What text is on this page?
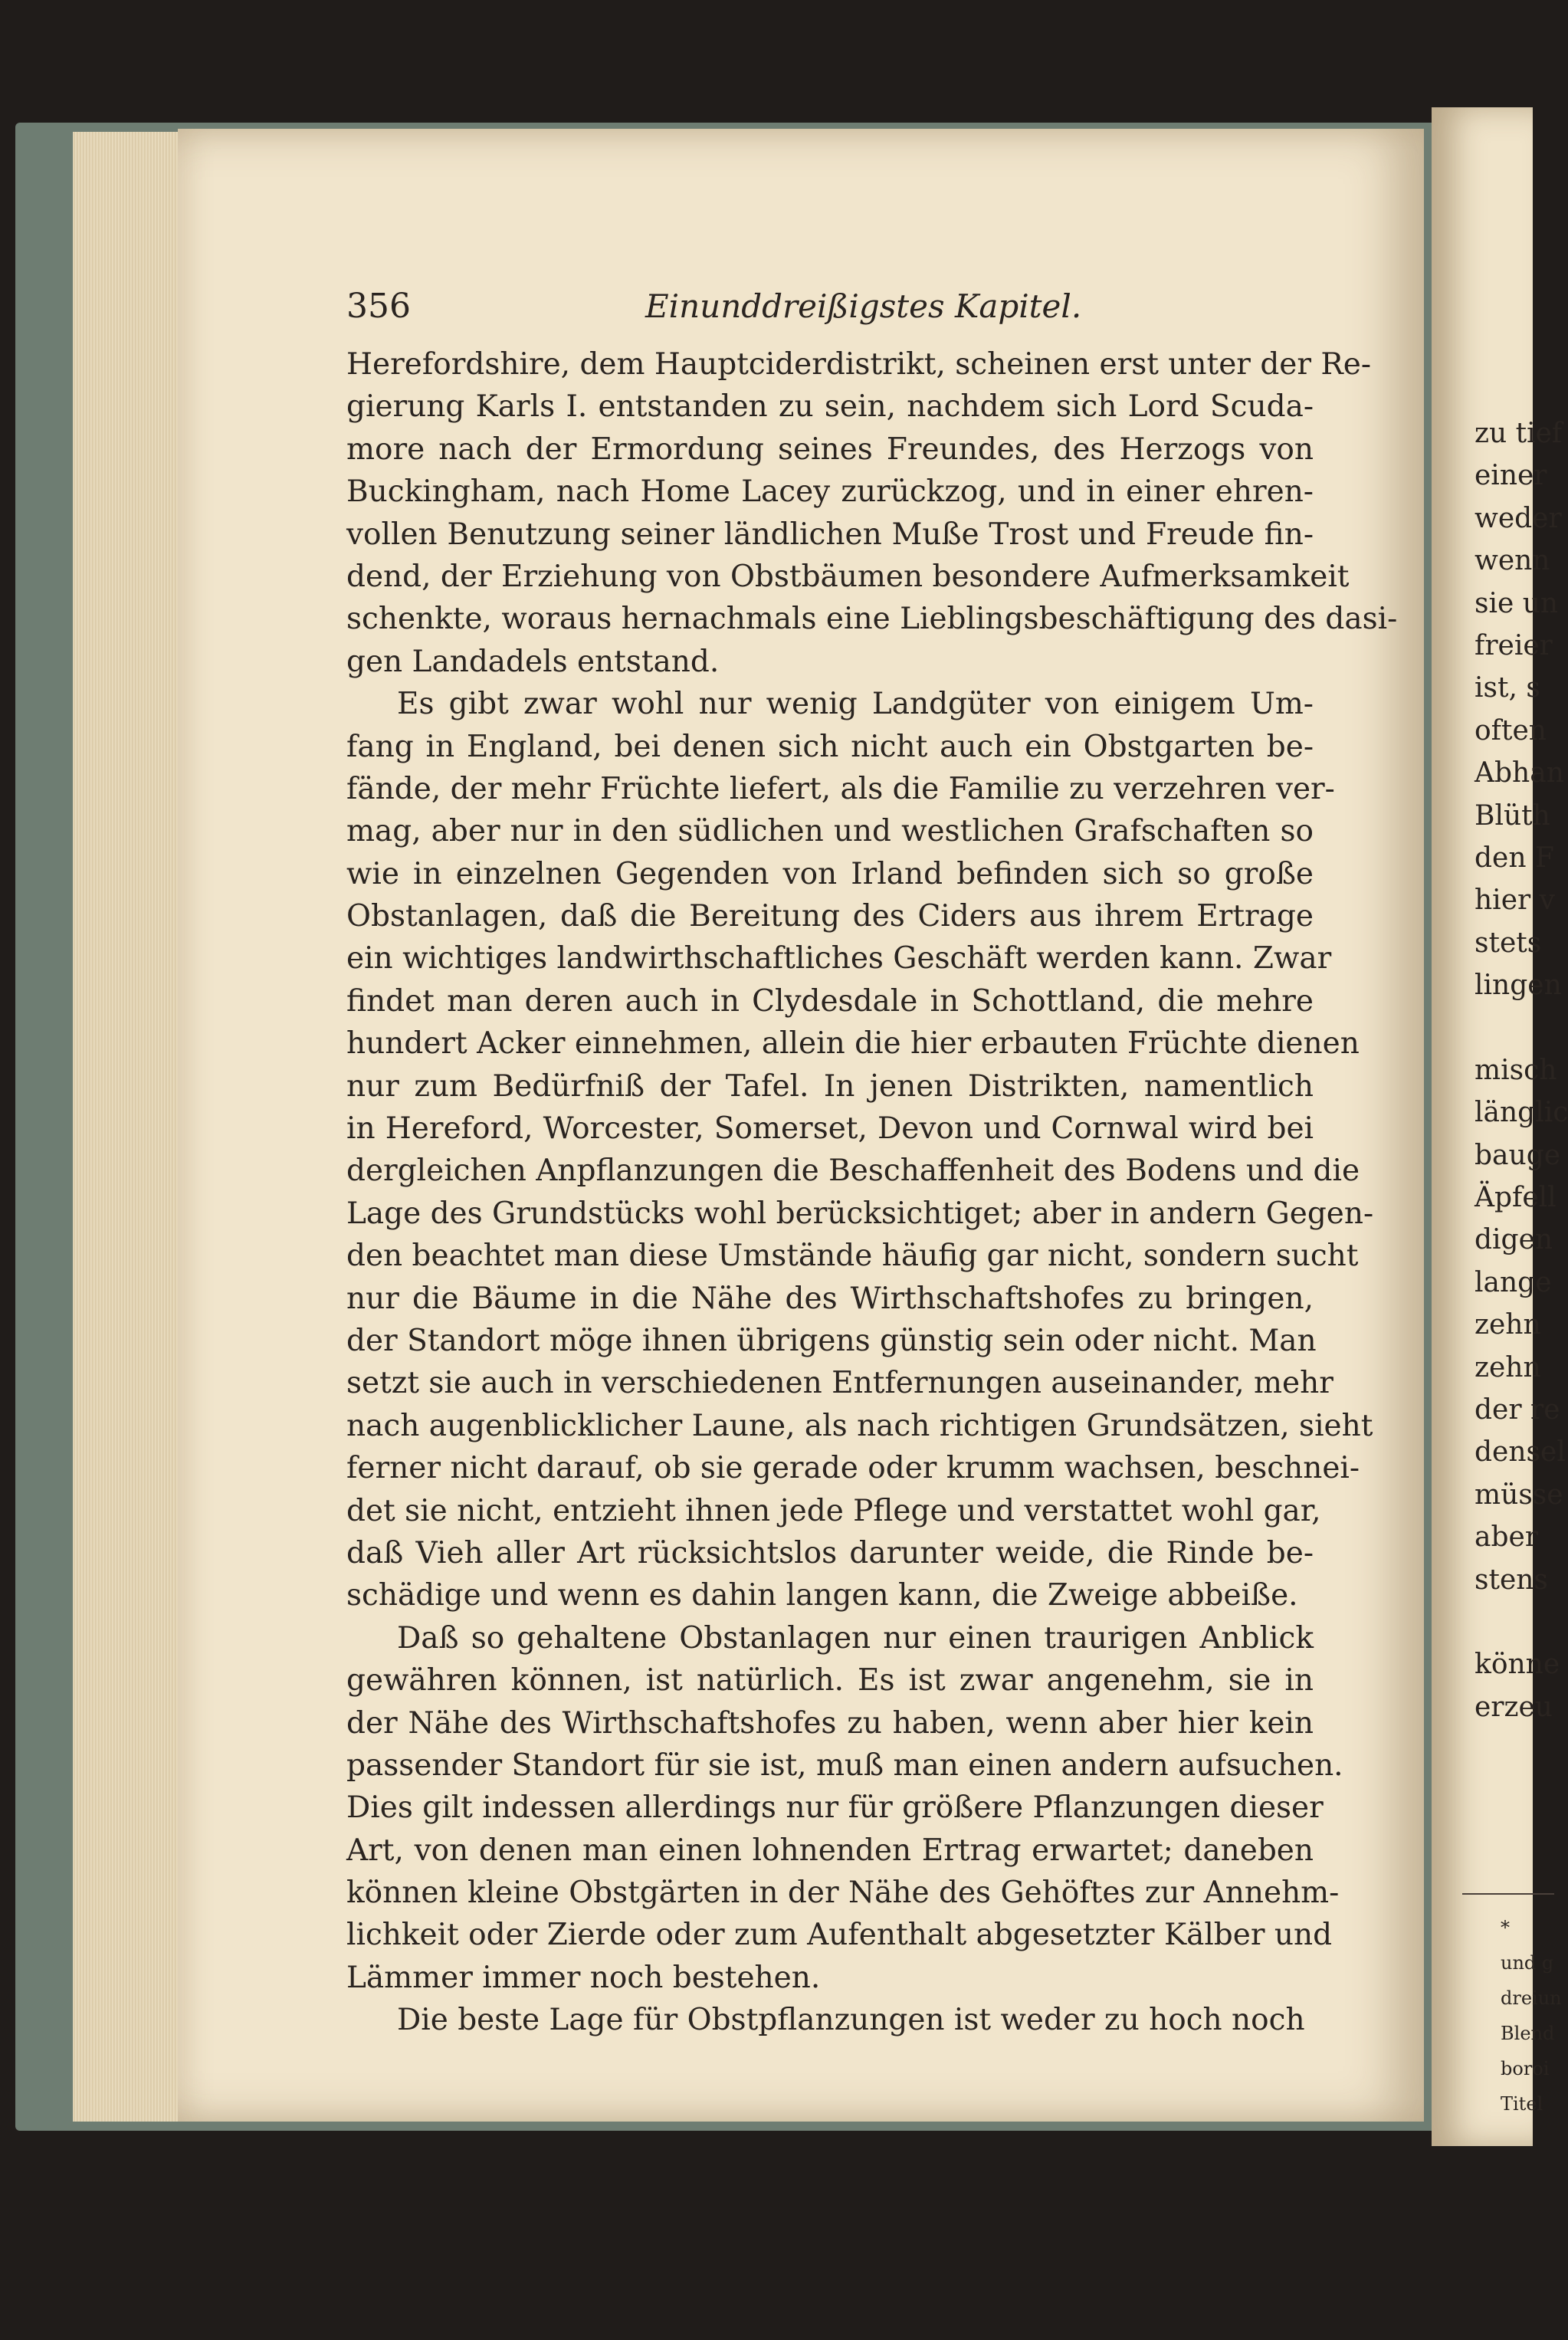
356	Einunddreißigstes Kapitel.
Herefordshire, dem Hauptciderdistrikt, scheinen erst unter der Re-
gierung Karls I. entstanden zu sein, nachdem sich Lord Scuda-
more nach der Ermordung seines Freundes, des Herzogs von
Buckingham, nach Home Lacey zurückzog, und in einer ehren-
vollen Benutzung seiner ländlichen Muße Trost und Freude fin-
dend, der Erziehung von Obstbäumen besondere Aufmerksamkeit
schenkte, woraus hernachmals eine Lieblingsbeschäftigung des dasi-
gen Landadels entstand.
Es gibt zwar wohl nur wenig Landgüter von einigem Um-
fang in England, bei denen sich nicht auch ein Obstgarten be-
fände, der mehr Früchte liefert, als die Familie zu verzehren ver-
mag, aber nur in den südlichen und westlichen Grafschaften so
wie in einzelnen Gegenden von Irland befinden sich so große
Obstanlagen, daß die Bereitung des Ciders aus ihrem Ertrage
ein wichtiges landwirthschaftliches Geschäft werden kann. Zwar
findet man deren auch in Clydesdale in Schottland, die mehre
hundert Acker einnehmen, allein die hier erbauten Früchte dienen
nur zum Bedürfniß der Tafel. In jenen Distrikten, namentlich
in Hereford, Worcester, Somerset, Devon und Cornwal wird bei
dergleichen Anpflanzungen die Beschaffenheit des Bodens und die
Lage des Grundstücks wohl berücksichtiget; aber in andern Gegen-
den beachtet man diese Umstände häufig gar nicht, sondern sucht
nur die Bäume in die Nähe des Wirthschaftshofes zu bringen,
der Standort möge ihnen übrigens günstig sein oder nicht. Man
setzt sie auch in verschiedenen Entfernungen auseinander, mehr
nach augenblicklicher Laune, als nach richtigen Grundsätzen, sieht
ferner nicht darauf, ob sie gerade oder krumm wachsen, beschnei-
det sie nicht, entzieht ihnen jede Pflege und verstattet wohl gar,
daß Vieh aller Art rücksichtslos darunter weide, die Rinde be-
schädige und wenn es dahin langen kann, die Zweige abbeiße.
Daß so gehaltene Obstanlagen nur einen traurigen Anblick
gewähren können, ist natürlich. Es ist zwar angenehm, sie in
der Nähe des Wirthschaftshofes zu haben, wenn aber hier kein
passender Standort für sie ist, muß man einen andern aufsuchen.
Dies gilt indessen allerdings nur für größere Pflanzungen dieser
Art, von denen man einen lohnenden Ertrag erwartet; daneben
können kleine Obstgärten in der Nähe des Gehöftes zur Annehm-
lichkeit oder Zierde oder zum Aufenthalt abgesetzter Kälber und
Lämmer immer noch bestehen.
Die beste Lage für Obstpflanzungen ist weder zu hoch noch
zu tief
einer
weder
wenn
sie un
freier
ist, s
often
Abhan
Blüth
den F
hier v
stets
lingen
misch
länglic
bauge
Äpfell
digen
lange
zehn
zehn
der re
densel
müsse
aber
stens
könne
erzeu
*
und g
dreiun
Blend
boroi
Titel
